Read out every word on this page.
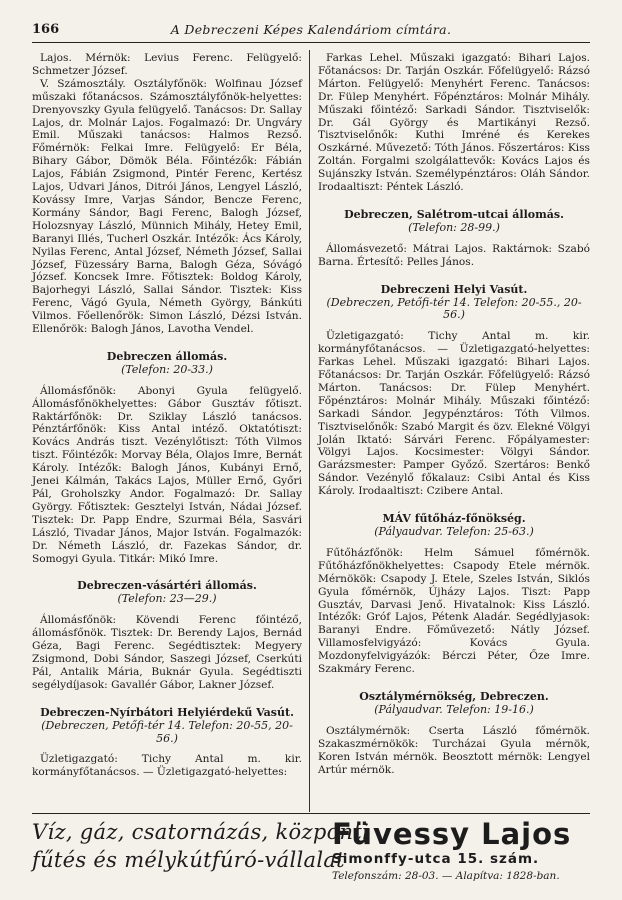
166	A Debreczeni Képes Kalendáriom címtára.

Lajos. Mérnök: Levius Ferenc. Felügyelő: Schmetzer József.

V. Számosztály. Osztályfőnök: Wolfinau József műszaki főtanácsos. Számosztályfőnök-helyettes: Drenyovszky Gyula felügyelő. Tanácsos: Dr. Sallay Lajos, dr. Molnár Lajos. Fogalmazó: Dr. Ungváry Emil. Műszaki tanácsos: Halmos Rezső. Főmérnök: Felkai Imre. Felügyelő: Er Béla, Bihary Gábor, Dömök Béla. Főintézők: Fábián Lajos, Fábián Zsigmond, Pintér Ferenc, Kertész Lajos, Udvari János, Ditrói János, Lengyel László, Kovássy Imre, Varjas Sándor, Bencze Ferenc, Kormány Sándor, Bagi Ferenc, Balogh József, Holozsnyay László, Münnich Mihály, Hetey Emil, Baranyi Illés, Tucherl Oszkár. Intézők: Ács Károly, Nyilas Ferenc, Antal József, Németh József, Sallai József, Füzessáry Barna, Balogh Géza, Sóvágó József. Koncsek Imre. Főtisztek: Boldog Károly, Bajorhegyi László, Sallai Sándor. Tisztek: Kiss Ferenc, Vágó Gyula, Németh György, Bánkúti Vilmos. Főellenőrök: Simon László, Dézsi István. Ellenőrök: Balogh János, Lavotha Vendel.

Debreczen állomás.

(Telefon: 20-33.)

Állomásfőnök: Abonyi Gyula felügyelő. Állomásfőnökhelyettes: Gábor Gusztáv főtiszt. Raktárfőnök: Dr. Sziklay László tanácsos. Pénztárfőnök: Kiss Antal intéző. Oktatótiszt: Kovács András tiszt. Vezénylőtiszt: Tóth Vilmos tiszt. Főintézők: Morvay Béla, Olajos Imre, Bernát Károly. Intézők: Balogh János, Kubányi Ernő, Jenei Kálmán, Takács Lajos, Müller Ernő, Győri Pál, Groholszky Andor. Fogalmazó: Dr. Sallay György. Főtisztek: Gesztelyi István, Nádai József. Tisztek: Dr. Papp Endre, Szurmai Béla, Sasvári László, Tivadar János, Major István. Fogalmazók: Dr. Németh László, dr. Fazekas Sándor, dr. Somogyi Gyula. Titkár: Mikó Imre.

Debreczen-vásártéri állomás.

(Telefon: 23—29.)

Állomásfőnök: Kövendi Ferenc főintéző, állomásfőnök. Tisztek: Dr. Berendy Lajos, Bernád Géza, Bagi Ferenc. Segédtisztek: Megyery Zsigmond, Dobi Sándor, Saszegi József, Cserkúti Pál, Antalik Mária, Buknár Gyula. Segédtiszti segélydíjasok: Gavallér Gábor, Lakner József.

Debreczen-Nyírbátori Helyiérdekű Vasút.

(Debreczen, Petőfi-tér 14. Telefon: 20-55, 20-56.)

Üzletigazgató: Tichy Antal m. kir. kormányfőtanácsos. — Üzletigazgató-helyettes:

Farkas Lehel. Műszaki igazgató: Bihari Lajos. Főtanácsos: Dr. Tarján Oszkár. Főfelügyelő: Rázsó Márton. Felügyelő: Menyhért Ferenc. Tanácsos: Dr. Fülep Menyhért. Főpénztáros: Molnár Mihály. Műszaki főintéző: Sarkadi Sándor. Tisztviselők: Dr. Gál György és Martikányi Rezső. Tisztviselőnők: Kuthi Imréné és Kerekes Oszkárné. Művezető: Tóth János. Főszertáros: Kiss Zoltán. Forgalmi szolgálattevők: Kovács Lajos és Sujánszky István. Személypénztáros: Oláh Sándor. Irodaaltiszt: Péntek László.

Debreczen, Salétrom-utcai állomás.

(Telefon: 28-99.)

Állomásvezető: Mátrai Lajos. Raktárnok: Szabó Barna. Értesítő: Pelles János.

Debreczeni Helyi Vasút.

(Debreczen, Petőfi-tér 14. Telefon: 20-55., 20-56.)

Üzletigazgató: Tichy Antal m. kir. kormányfőtanácsos. — Üzletigazgató-helyettes: Farkas Lehel. Műszaki igazgató: Bihari Lajos. Főtanácsos: Dr. Tarján Oszkár. Főfelügyelő: Rázsó Márton. Tanácsos: Dr. Fülep Menyhért. Főpénztáros: Molnár Mihály. Műszaki főintéző: Sarkadi Sándor. Jegypénztáros: Tóth Vilmos. Tisztviselőnők: Szabó Margit és özv. Elekné Völgyi Jolán Iktató: Sárvári Ferenc. Főpályamester: Völgyi Lajos. Kocsimester: Völgyi Sándor. Garázsmester: Pamper Győző. Szertáros: Benkő Sándor. Vezénylő főkalauz: Csibi Antal és Kiss Károly. Irodaaltiszt: Czibere Antal.

MÁV fűtőház-főnökség.

(Pályaudvar. Telefon: 25-63.)

Fűtőházfőnök: Helm Sámuel főmérnök. Fűtőházfőnökhelyettes: Csapody Etele mérnök. Mérnökök: Csapody J. Etele, Szeles István, Siklós Gyula főmérnök, Újházy Lajos. Tiszt: Papp Gusztáv, Darvasi Jenő. Hivatalnok: Kiss László. Intézők: Gróf Lajos, Pétenk Aladár. Segédlyjasok: Baranyi Endre. Főművezető: Nátly József. Villamosfelvigyázó: Kovács Gyula. Mozdonyfelvigyázók: Bérczi Péter, Őze Imre. Szakmáry Ferenc.

Osztálymérnökség, Debreczen.

(Pályaudvar. Telefon: 19-16.)

Osztálymérnök: Cserta László főmérnök. Szakaszmérnökök: Turcházai Gyula mérnök, Koren István mérnök. Beosztott mérnök: Lengyel Artúr mérnök.

Víz, gáz, csatornázás, központi
fűtés és mélykútfúró-vállalat
Füvessy Lajos
Simonffy-utca 15. szám.
Telefonszám: 28-03. — Alapítva: 1828-ban.
